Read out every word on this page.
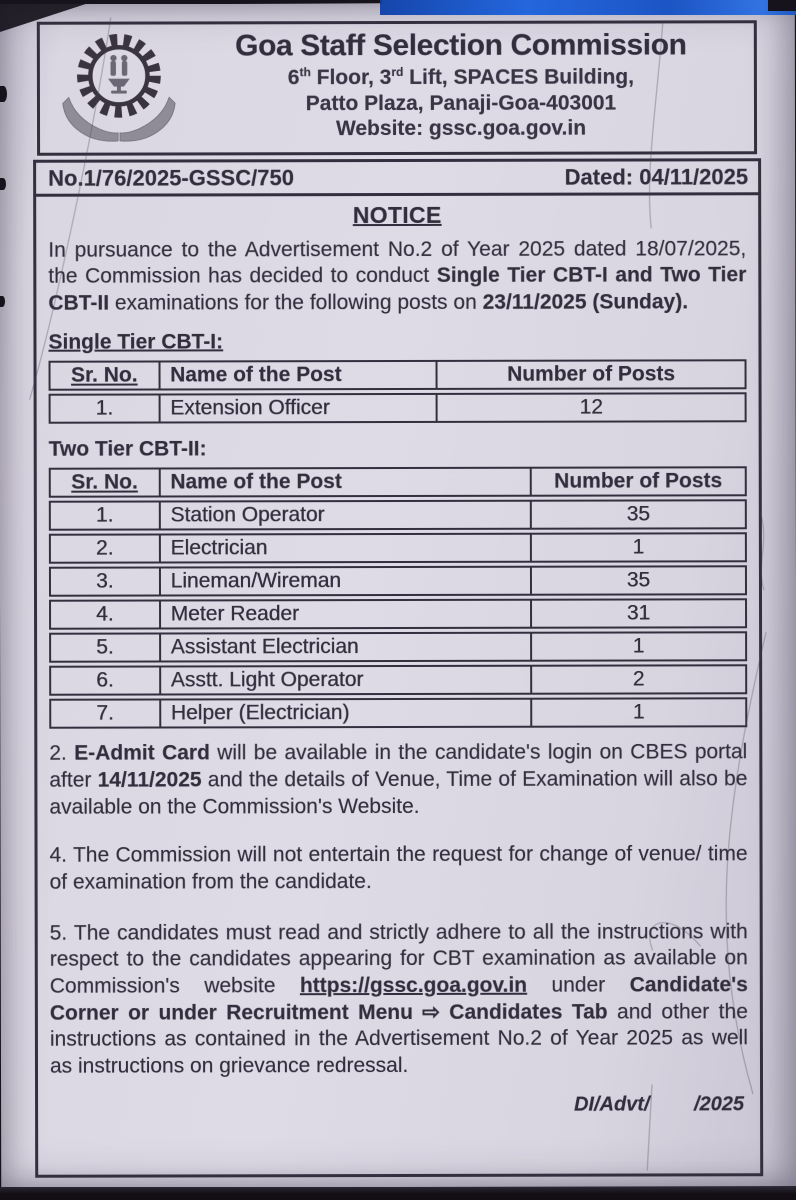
Goa Staff Selection Commission
6th Floor, 3rd Lift, SPACES Building,
Patto Plaza, Panaji-Goa-403001
Website: gssc.goa.gov.in
No.1/76/2025-GSSC/750	Dated: 04/11/2025
NOTICE

In pursuance to the Advertisement No.2 of Year 2025 dated 18/07/2025, the Commission has decided to conduct Single Tier CBT-I and Two Tier CBT-II examinations for the following posts on 23/11/2025 (Sunday).

Single Tier CBT-I:
Sr. No.	Name of the Post	Number of Posts
1.	Extension Officer	12
Two Tier CBT-II:
Sr. No.	Name of the Post	Number of Posts
1.	Station Operator	35
2.	Electrician	1
3.	Lineman/Wireman	35
4.	Meter Reader	31
5.	Assistant Electrician	1
6.	Asstt. Light Operator	2
7.	Helper (Electrician)	1

2. E-Admit Card will be available in the candidate's login on CBES portal after 14/11/2025 and the details of Venue, Time of Examination will also be available on the Commission's Website.

4. The Commission will not entertain the request for change of venue/ time of examination from the candidate.

5. The candidates must read and strictly adhere to all the instructions with respect to the candidates appearing for CBT examination as available on Commission's website https://gssc.goa.gov.in under Candidate's Corner or under Recruitment Menu ⇨ Candidates Tab and other the instructions as contained in the Advertisement No.2 of Year 2025 as well as instructions on grievance redressal.

DI/Advt/        /2025
